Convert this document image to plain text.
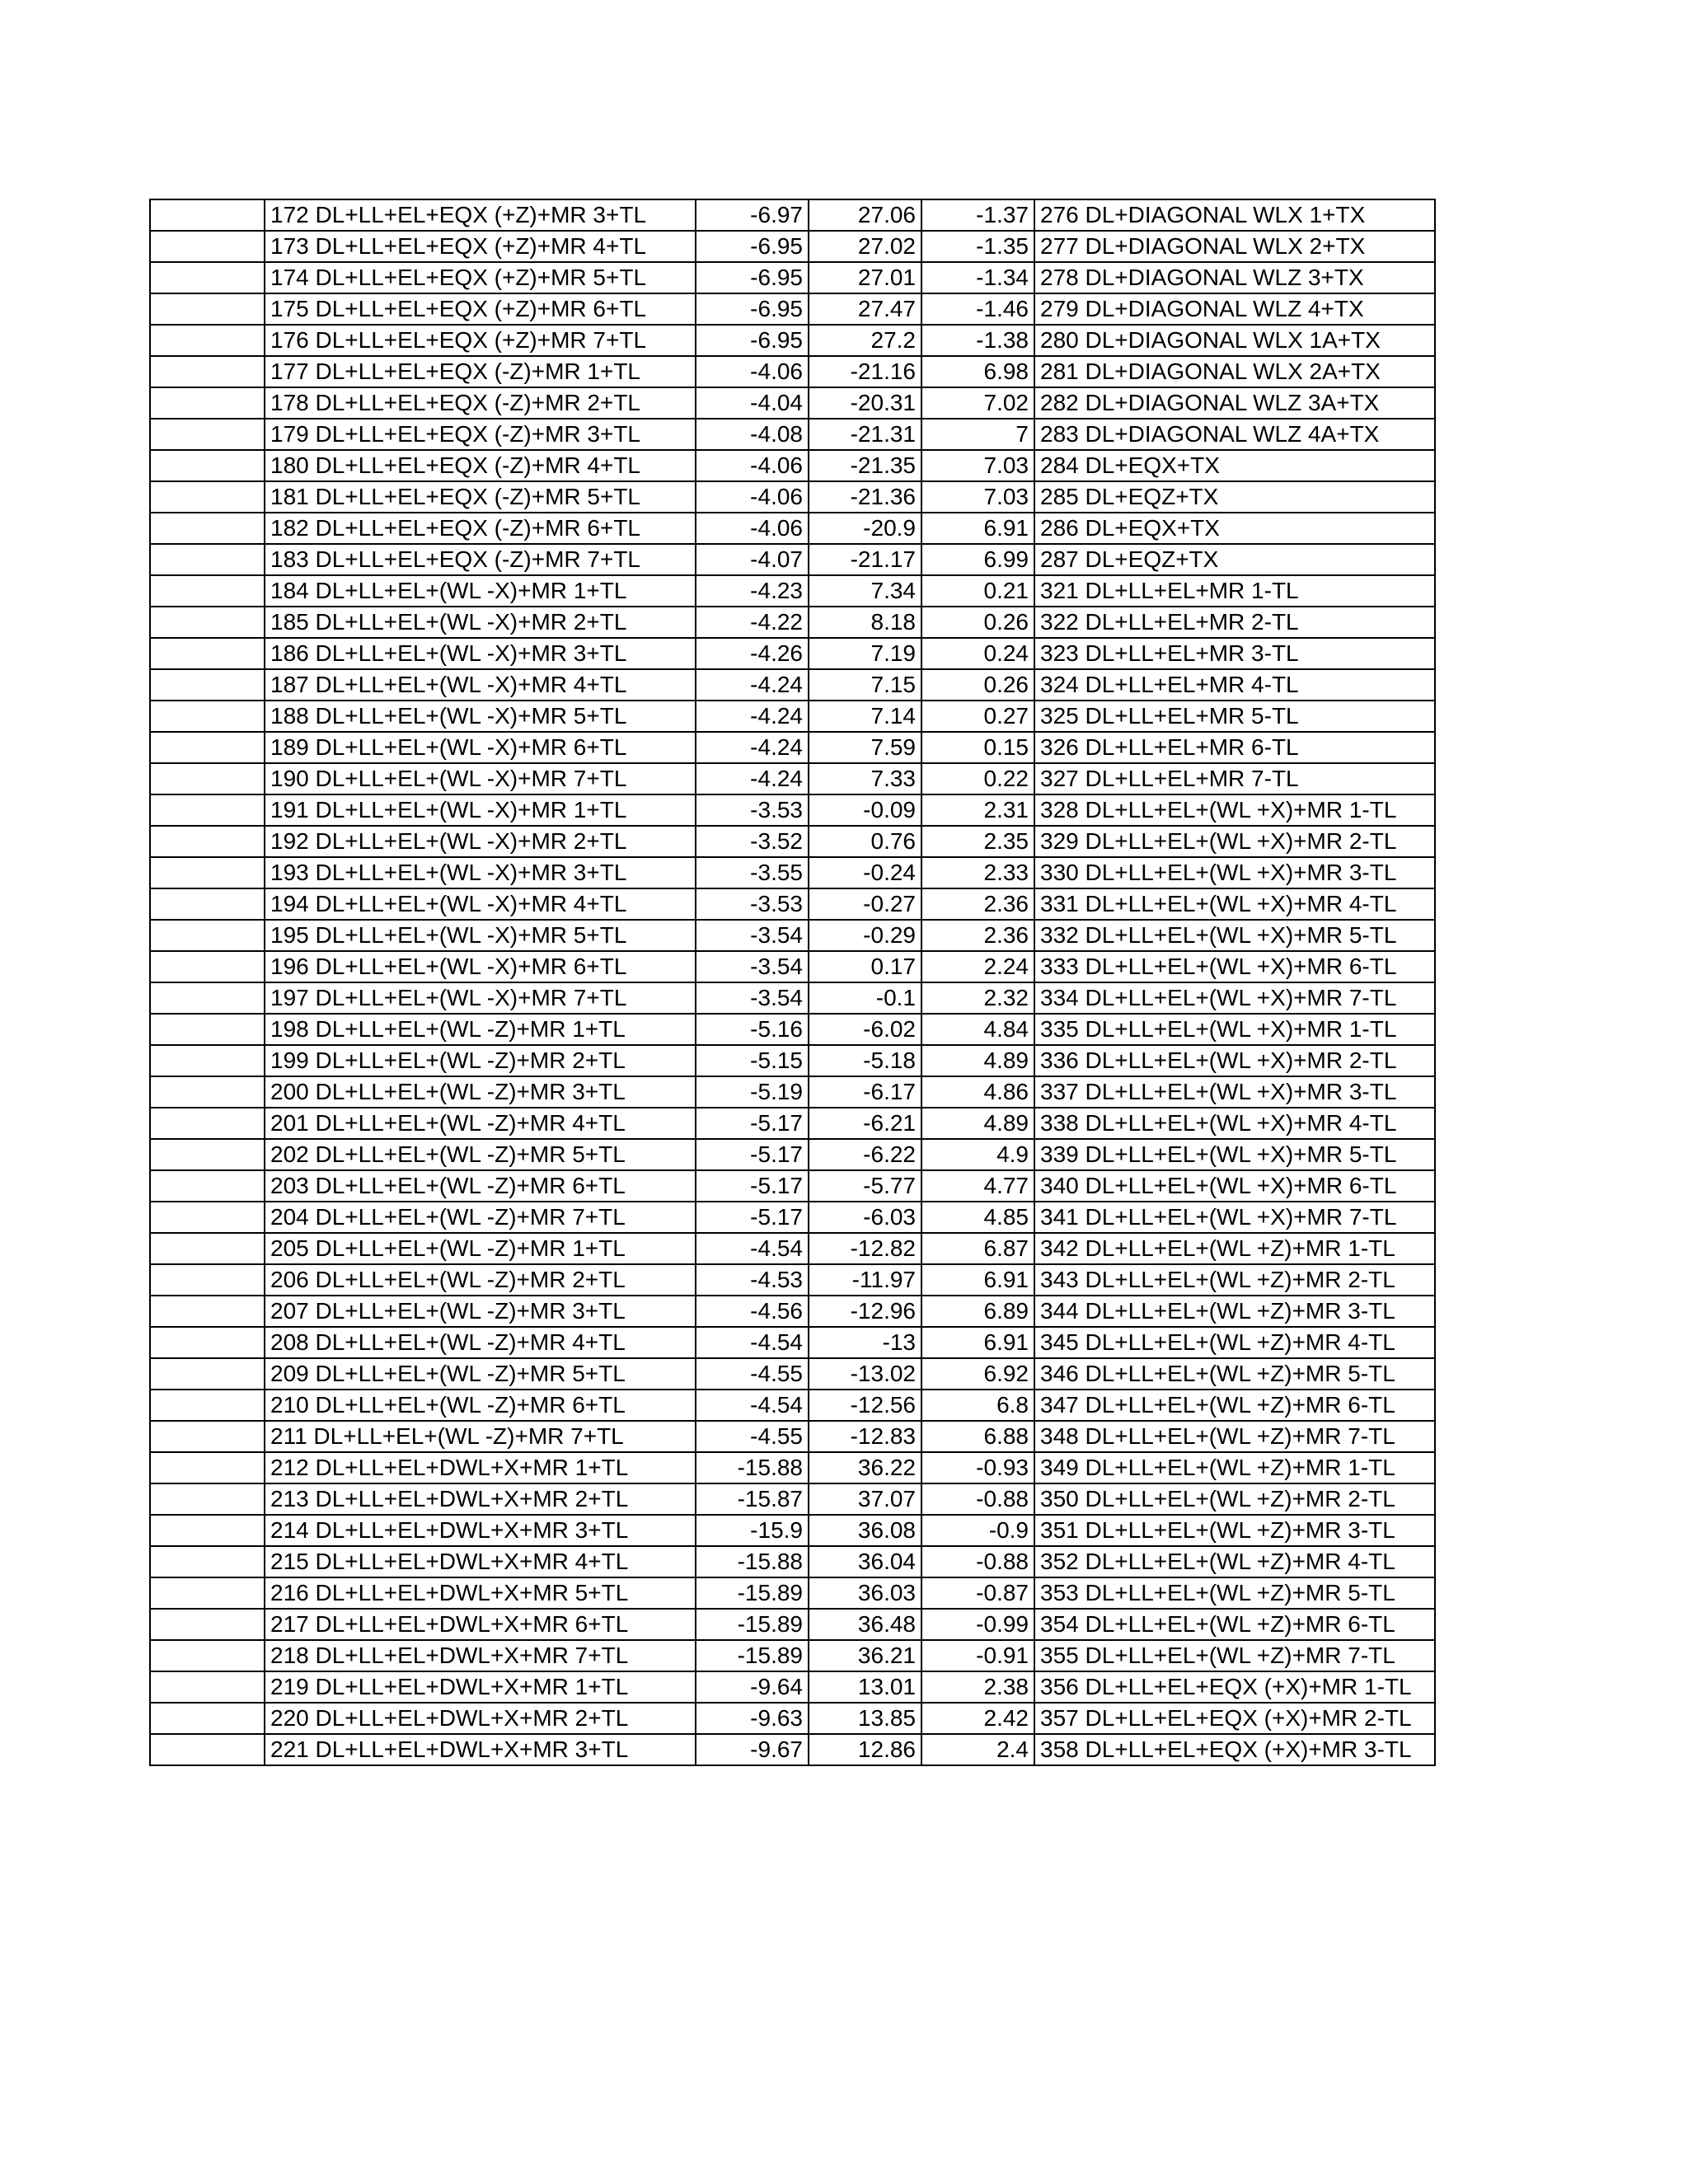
	172 DL+LL+EL+EQX (+Z)+MR 3+TL	-6.97	27.06	-1.37	276 DL+DIAGONAL WLX 1+TX
	173 DL+LL+EL+EQX (+Z)+MR 4+TL	-6.95	27.02	-1.35	277 DL+DIAGONAL WLX 2+TX
	174 DL+LL+EL+EQX (+Z)+MR 5+TL	-6.95	27.01	-1.34	278 DL+DIAGONAL WLZ 3+TX
	175 DL+LL+EL+EQX (+Z)+MR 6+TL	-6.95	27.47	-1.46	279 DL+DIAGONAL WLZ 4+TX
	176 DL+LL+EL+EQX (+Z)+MR 7+TL	-6.95	27.2	-1.38	280 DL+DIAGONAL WLX 1A+TX
	177 DL+LL+EL+EQX (-Z)+MR 1+TL	-4.06	-21.16	6.98	281 DL+DIAGONAL WLX 2A+TX
	178 DL+LL+EL+EQX (-Z)+MR 2+TL	-4.04	-20.31	7.02	282 DL+DIAGONAL WLZ 3A+TX
	179 DL+LL+EL+EQX (-Z)+MR 3+TL	-4.08	-21.31	7	283 DL+DIAGONAL WLZ 4A+TX
	180 DL+LL+EL+EQX (-Z)+MR 4+TL	-4.06	-21.35	7.03	284 DL+EQX+TX
	181 DL+LL+EL+EQX (-Z)+MR 5+TL	-4.06	-21.36	7.03	285 DL+EQZ+TX
	182 DL+LL+EL+EQX (-Z)+MR 6+TL	-4.06	-20.9	6.91	286 DL+EQX+TX
	183 DL+LL+EL+EQX (-Z)+MR 7+TL	-4.07	-21.17	6.99	287 DL+EQZ+TX
	184 DL+LL+EL+(WL -X)+MR 1+TL	-4.23	7.34	0.21	321 DL+LL+EL+MR 1-TL
	185 DL+LL+EL+(WL -X)+MR 2+TL	-4.22	8.18	0.26	322 DL+LL+EL+MR 2-TL
	186 DL+LL+EL+(WL -X)+MR 3+TL	-4.26	7.19	0.24	323 DL+LL+EL+MR 3-TL
	187 DL+LL+EL+(WL -X)+MR 4+TL	-4.24	7.15	0.26	324 DL+LL+EL+MR 4-TL
	188 DL+LL+EL+(WL -X)+MR 5+TL	-4.24	7.14	0.27	325 DL+LL+EL+MR 5-TL
	189 DL+LL+EL+(WL -X)+MR 6+TL	-4.24	7.59	0.15	326 DL+LL+EL+MR 6-TL
	190 DL+LL+EL+(WL -X)+MR 7+TL	-4.24	7.33	0.22	327 DL+LL+EL+MR 7-TL
	191 DL+LL+EL+(WL -X)+MR 1+TL	-3.53	-0.09	2.31	328 DL+LL+EL+(WL +X)+MR 1-TL
	192 DL+LL+EL+(WL -X)+MR 2+TL	-3.52	0.76	2.35	329 DL+LL+EL+(WL +X)+MR 2-TL
	193 DL+LL+EL+(WL -X)+MR 3+TL	-3.55	-0.24	2.33	330 DL+LL+EL+(WL +X)+MR 3-TL
	194 DL+LL+EL+(WL -X)+MR 4+TL	-3.53	-0.27	2.36	331 DL+LL+EL+(WL +X)+MR 4-TL
	195 DL+LL+EL+(WL -X)+MR 5+TL	-3.54	-0.29	2.36	332 DL+LL+EL+(WL +X)+MR 5-TL
	196 DL+LL+EL+(WL -X)+MR 6+TL	-3.54	0.17	2.24	333 DL+LL+EL+(WL +X)+MR 6-TL
	197 DL+LL+EL+(WL -X)+MR 7+TL	-3.54	-0.1	2.32	334 DL+LL+EL+(WL +X)+MR 7-TL
	198 DL+LL+EL+(WL -Z)+MR 1+TL	-5.16	-6.02	4.84	335 DL+LL+EL+(WL +X)+MR 1-TL
	199 DL+LL+EL+(WL -Z)+MR 2+TL	-5.15	-5.18	4.89	336 DL+LL+EL+(WL +X)+MR 2-TL
	200 DL+LL+EL+(WL -Z)+MR 3+TL	-5.19	-6.17	4.86	337 DL+LL+EL+(WL +X)+MR 3-TL
	201 DL+LL+EL+(WL -Z)+MR 4+TL	-5.17	-6.21	4.89	338 DL+LL+EL+(WL +X)+MR 4-TL
	202 DL+LL+EL+(WL -Z)+MR 5+TL	-5.17	-6.22	4.9	339 DL+LL+EL+(WL +X)+MR 5-TL
	203 DL+LL+EL+(WL -Z)+MR 6+TL	-5.17	-5.77	4.77	340 DL+LL+EL+(WL +X)+MR 6-TL
	204 DL+LL+EL+(WL -Z)+MR 7+TL	-5.17	-6.03	4.85	341 DL+LL+EL+(WL +X)+MR 7-TL
	205 DL+LL+EL+(WL -Z)+MR 1+TL	-4.54	-12.82	6.87	342 DL+LL+EL+(WL +Z)+MR 1-TL
	206 DL+LL+EL+(WL -Z)+MR 2+TL	-4.53	-11.97	6.91	343 DL+LL+EL+(WL +Z)+MR 2-TL
	207 DL+LL+EL+(WL -Z)+MR 3+TL	-4.56	-12.96	6.89	344 DL+LL+EL+(WL +Z)+MR 3-TL
	208 DL+LL+EL+(WL -Z)+MR 4+TL	-4.54	-13	6.91	345 DL+LL+EL+(WL +Z)+MR 4-TL
	209 DL+LL+EL+(WL -Z)+MR 5+TL	-4.55	-13.02	6.92	346 DL+LL+EL+(WL +Z)+MR 5-TL
	210 DL+LL+EL+(WL -Z)+MR 6+TL	-4.54	-12.56	6.8	347 DL+LL+EL+(WL +Z)+MR 6-TL
	211 DL+LL+EL+(WL -Z)+MR 7+TL	-4.55	-12.83	6.88	348 DL+LL+EL+(WL +Z)+MR 7-TL
	212 DL+LL+EL+DWL+X+MR 1+TL	-15.88	36.22	-0.93	349 DL+LL+EL+(WL +Z)+MR 1-TL
	213 DL+LL+EL+DWL+X+MR 2+TL	-15.87	37.07	-0.88	350 DL+LL+EL+(WL +Z)+MR 2-TL
	214 DL+LL+EL+DWL+X+MR 3+TL	-15.9	36.08	-0.9	351 DL+LL+EL+(WL +Z)+MR 3-TL
	215 DL+LL+EL+DWL+X+MR 4+TL	-15.88	36.04	-0.88	352 DL+LL+EL+(WL +Z)+MR 4-TL
	216 DL+LL+EL+DWL+X+MR 5+TL	-15.89	36.03	-0.87	353 DL+LL+EL+(WL +Z)+MR 5-TL
	217 DL+LL+EL+DWL+X+MR 6+TL	-15.89	36.48	-0.99	354 DL+LL+EL+(WL +Z)+MR 6-TL
	218 DL+LL+EL+DWL+X+MR 7+TL	-15.89	36.21	-0.91	355 DL+LL+EL+(WL +Z)+MR 7-TL
	219 DL+LL+EL+DWL+X+MR 1+TL	-9.64	13.01	2.38	356 DL+LL+EL+EQX (+X)+MR 1-TL
	220 DL+LL+EL+DWL+X+MR 2+TL	-9.63	13.85	2.42	357 DL+LL+EL+EQX (+X)+MR 2-TL
	221 DL+LL+EL+DWL+X+MR 3+TL	-9.67	12.86	2.4	358 DL+LL+EL+EQX (+X)+MR 3-TL
